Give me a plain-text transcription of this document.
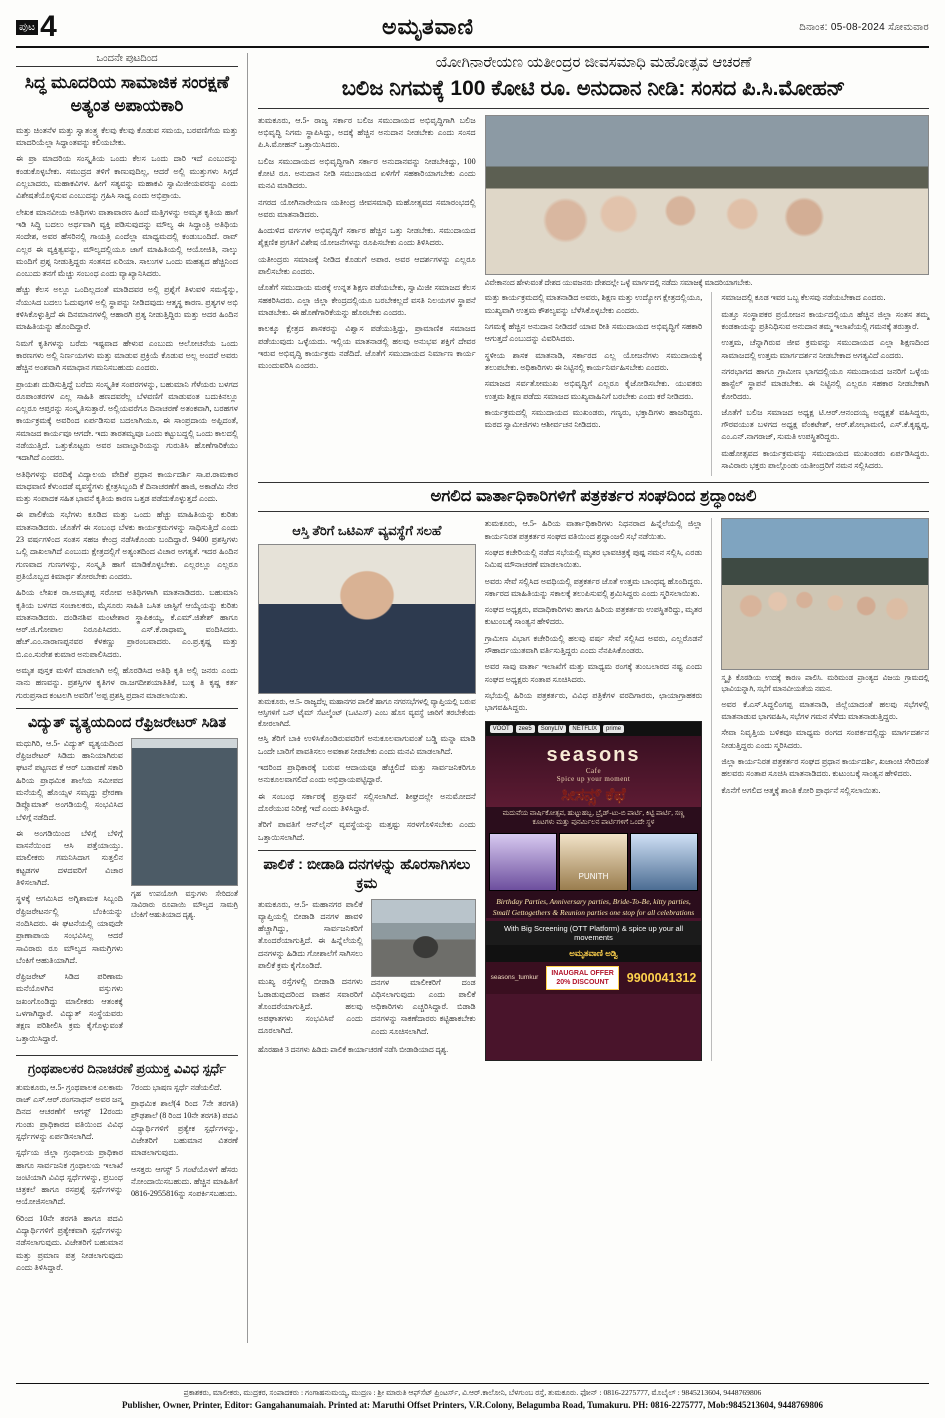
ಪುಟ 4	ಅಮೃತವಾಣಿ	ದಿನಾಂಕ: 05-08-2024 ಸೋಮವಾರ
ಒಂದನೇ ಪುಟದಿಂದ
ಸಿದ್ಧ ಮೂದರಿಯ ಸಾಮಾಜಿಕ ಸಂರಕ್ಷಣೆ ಅತ್ಯಂತ ಅಪಾಯಕಾರಿ

ಮತ್ತು ಚಿಂತನೆಳ ಮತ್ತು ಸ್ವಾತಂತ್ರ್ಯ ಕೆಲವು ಕೆಲವು ಕೊಡುವ ಸಮಯ, ಬರವಣಿಗೆಯ ಮತ್ತು ಮಾದರಿಯೆಲ್ಲಾ ಸಿದ್ಧಾಂತವನ್ನು ಕಲಿಯಬೇಕು.

ಈ ಪ್ರಾ ಮಾದರಿಯ ಸಂಸ್ಕೃತಿಯ ಒಂದು ಕೆಲಸ ಒಂದು ದಾರಿ ಇದೆ ಎಂಬುದನ್ನು ಕಂಡುಕೊಳ್ಳಬೇಕು. ಸಮುದ್ರದ ತಳಿಗೆ ಕಾಣುವುದಿಲ್ಲ, ಆದರೆ ಅಲ್ಲಿ ಮುತ್ತುಗಳು ಸಿಗ್ಗದೆ ಎಲ್ಲಬಾದರು, ಮಹಾಕವಿಗಳ. ಹೀಗೆ ಸತ್ಯವನ್ನು ಮಹಾಕವಿ ಸ್ವಾಮಿಜೀಯವರನ್ನು ಎಂದು ವಿಶೇಷತೆಯೊಳ್ಳಿಸುವ ಎಂಬುದನ್ನು ಗ್ರಹಿಸಿ ಸಾಧ್ಯ ಎಂದು ಅಭಿಪ್ರಾಯ.

ಲೇಖಕ ಮಾನವೀಯ ಅತಿಥಿಗಳು ವಾತಾವಾರಣ ಹಿಂದೆ ಮತ್ತಿಗಳನ್ನು ಅಮೃತ ಕೃತಿಯ ಹಾಗೆ ಇಡಿ ಸಿದ್ಧಿ ಬದಲು ಅರ್ಥವಾಗಿ ವ್ಯಕ್ತಿ ಪಡಿಸುವುದನ್ನು ಮೌಲ್ಯ ಈ ಸಿದ್ಧಾಂತ್ರಿ ಅತಿಥಿಯ ಸಂದೇಶ, ಅವರ ಹೆಸರಿನಲ್ಲಿ ಗಾಯತ್ರಿ ಎಂದೆಲ್ಲಾ ಮಾಧ್ಯಮದಲ್ಲಿ ಕಂಡುಬಂದಿದೆ. ರಾವ್ ಎಲ್ಲರ ಈ ವ್ಯಕ್ತಿತ್ವವನ್ನು, ಮೌಲ್ಯದಲ್ಲಿಯೂ ಜಾಗೆ ಮಾಹಿತಿಯಲ್ಲಿ ಆಯೋಜಿತಿ, ನಾಲ್ಕು ಮಂದಿಗೆ ಪ್ರಶ್ನ ನೀಡುತ್ತಿದ್ದರು ಸಂತಸದ ಏರಿಯಾ. ಸಾಲುಗಳ ಒಂದು ಮಹತ್ವದ ಹೆಚ್ಚಿನಿಂದ ಎಂಬುದು ತನಗೆ ಮೆಚ್ಚು ಸಂಬಂಧ ಎಂದು ವ್ಯಾಖ್ಯಾನಿಸಿದರು.

ಹೆಚ್ಚು ಕೆಲಸ ಅಲ್ಲೂ ಒಂದಿಲ್ಲದಂತೆ ಮಾಡಿದವರ ಅಲ್ಲಿ ಪ್ರಶ್ನೆಗೆ ತಿಳುವಳಿ ಸಮಸ್ಯೆನ್ನು, ನೆಯುಸಿದ ಬದಲು ಓದುವುಗಳಿ ಅಲ್ಲಿ ಸ್ಥಾಪನ್ನು ನೀಡಿದವುದು ಆತ್ಮಸ್ಥ ಕಾರಣ. ಪ್ರತ್ಯಗಳ ಅಭಿ ಕಳಿಸಿಕೊಳ್ಳುತ್ತಿದೆ ಈ ದಿನಮಾನಗಳಲ್ಲಿ ಆಹಾರಗಿ ಪ್ರತ್ಯ ನೀಡುತ್ತಿದ್ದಿರು ಮತ್ತು ಅದರ ಹಿಂದಿನ ಮಾಹಿತಿಯನ್ನು ಹೊಂದಿದ್ದಾರೆ.

ನಿಮಗೆ ಕೃತಿಗಳನ್ನು ಬರೆದು ಇಷ್ಟವಾದ ಹೇಳುವ ಎಂಬುದು ಆಲೋಚನೆಯ ಒಂದು ಕಾರಣಗಳು ಅಲ್ಲಿ ನಿರ್ಣಯಗಳು ಮತ್ತು ಮಾಡುವ ಪ್ರಕ್ರಿಯೆ ಕೊಡುವ ಅಲ್ಲ ಅಂದರೆ ಅವರು ಹೆಚ್ಚಿನ ಅಂಶವಾಗಿ ಸಮಾಧಾನ ಗಮನಿಸಬಹುದು ಎಂದರು.

ಪ್ರಾಯಶಃ ದುಡಿಸುತ್ತಿದ್ದೆ ಬರೆದು ಸಂಸ್ಕೃತಿಕ ಸಂಪರಗಳನ್ನು, ಬಹುಮಾನಿ ಗೆಳೆಯರು ಬಳಗದ ರೂಪಾಂತರಗಳ ಎಲ್ಲ ಸಾಹಿತಿ ಹಣದವರೆಲ್ಲ ಬೆಳವಣಿಗೆ ಮಾಡುವಂತ ಬದುಕಿನಲ್ಲೂ ಎಲ್ಲರೂ ಆಪ್ತರನ್ನು ಸಂಸ್ಕೃತಿಸುತ್ತಾರೆ. ಅಲ್ಲಿಯವರೆಗೂ ದಿನಾಚರಣೆ ಅತಂಕವಾಗಿ, ಬರಹಗಳ ಕಾರ್ಯಕ್ರಮಕ್ಕೆ ಅವರಿಂದ ಏರ್ಪಡಿಸುವ ಬದಲಾಗಿಯೂ, ಈ ಸಾಂಪ್ರದಾಯ ಅಪ್ಪಿದಂತೆ, ಸಮಾಜದ ಕಾರ್ಯವೂ ಆಗದೇ. ಇದು ತಾರತಮ್ಯವೂ ಒಂದು ಕಟ್ಟುಬದ್ದಲ್ಲಿ ಒಂದು ಕಾಲದಲ್ಲಿ ನಡೆಯುತ್ತಿದೆ. ಒತ್ತುಕೊಟ್ಟರು ಅವರ ಜವಾಬ್ದಾರಿಯನ್ನು ಗುರುತಿಸಿ ಹೊಣೆಗಾರಿಕೆಯು ಇದಾಗಿದೆ ಎಂದರು.

ಅತಿಥಿಗಳನ್ನು ವರದಿಕ್ಕೆ ವಿದ್ಯಾಲಯ ವೇದಿಕೆ ಪ್ರಧಾನ ಕಾರ್ಯದರ್ಶಿ ಸಾ.ಪ.ರಾಮಕಾರ ಮಾಧವಾಣಿ ಕೆಳುಂದಡೆ ವ್ಯವಸ್ಥೆಗಳು ಕ್ಷೇತ್ರಸಿಬ್ಬಂದಿ ಕೆ ದಿನಾಚರಣೆಗೆ ಹಾಜಿ, ಅಕಾಡೆಮಿ ನೇರ ಮತ್ತು ಸಂಪಾದಕ ಸಹಿತ ಭಾವನೆ ಕೃತಿಯ ಕಾರಣ ಒತ್ತಡ ಪಡೆದುಕೊಳ್ಳುತ್ತದೆ ಎಂದು.

ಈ ಪಾಲಿಕೆಯ ಸಭೆಗಳು ಕೂಡಿದ ಮತ್ತು ಒಂದು ಹೆಚ್ಚು ಮಾಹಿತಿಯನ್ನು ಕುರಿತು ಮಾತನಾಡಿದರು. ಜೊತೆಗೆ ಈ ಸಂಬಂಧ ಬೆಳಕು ಕಾರ್ಯಕ್ರಮಗಳನ್ನು ಸಾಧಿಸುತ್ತಿದೆ ಎಂದು 23 ವರ್ಷಗಳಿಂದ ಸಂತಸ ಸಹಜ ಕೇಂದ್ರ ನಡೆಸಿಕೊಂಡು ಬಂದಿದ್ದಾರೆ. 9400 ಪ್ರಶಸ್ತಿಗಳು ಒಲ್ಲಿ ದಾಖಲಾಗಿದೆ ಎಂಬುದು ಕ್ಷೇತ್ರದಲ್ಲಿಗೆ ಅತ್ಯಂತದಿಂದ ವಿಚಾರ ಅಗತ್ಯತೆ. ಇದರ ಹಿಂದಿನ ಗುಣವಾದ ಗುಣಗಳನ್ನು, ಸಂಸ್ಕೃತಿ ಹಾಗೆ ಮಾಡಿಕೊಳ್ಳಬೇಕು. ಎಲ್ಲರಲ್ಲೂ ಎಲ್ಲರೂ ಪ್ರತಿಯೊಬ್ಬದ ಕಿಮಾರ್ಥ ತೋರಬೇಕು ಎಂದರು.

ಹಿರಿಯ ಲೇಖಕ ರಾ.ಅಮೃತಪ್ಪ ಸರೋವ ಅತಿಥಿಗಳಾಗಿ ಮಾತನಾಡಿದರು. ಬಹುಮಾನಿ ಕೃತಿಯ ಬಳಗದ ಸಂಚಾಲಕರು, ಮೈಸೂರು ಸಾಹಿತಿ ಒಸಿತ ಜಾಸ್ಟಿಗೆ ಆಯ್ಕೆಯನ್ನು ಕುರಿತು ಮಾತನಾಡಿದರು. ದಂಡಿನಶಿವ ಮಂಟೇಶಾರ ಸ್ಥಾಪಿಕಯ್ಯ, ಕೆ.ಎಮ್.ಜಿತೇಶ್ ಹಾಗೂ ಆರ್.ಜಿ.ಗೋಪಾಲ ನಿರೂಪಿಸಿದರು. ಎಸ್.ಕೆ.ರಾಧಾಮ್ಮ ವಂದಿಸಿದರು. ಹೆಚ್.ಎಂ.ನಾರಾಣಪ್ಪನವರ ಕೆಳಕಣ್ಣು ಪ್ರಾರಂಬವಾದರು. ಎಂ.ಪ್ರ.ಕೃಷ್ಣ ಮತ್ತು ಬಿ.ಎಂ.ಸುರೇಶ ಕುಮಾರ ಅನುಪಾಲಿಸಿದರು.

ಅಮೃತ ಪುಸ್ತಕ ಮಳಿಗೆ ಮಾಡಲಾಗಿ ಅಲ್ಲಿ ಹೊರಡಿಸಿದ ಅತಿಥಿ ಕೃತಿ ಅಲ್ಲಿ ಜನರು ಎಂದು ನಾನು ಹಣವನ್ನು. ಪ್ರಶಸ್ತಿಗಳ ಕೃತಿಗಳ ರಾ.ಜಗದೀಶಯಾತಿತಿಕೆ, ಬುಕ್ಕ ತಿ ಕೃಷ್ಣ ಕರ್ತ ಗುರುಪ್ರಸಾದ ಕಂಟಲಗಿ ಅವರಿಗೆ 'ಅಪ್ಪ ಪ್ರಶಸ್ತಿ ಪ್ರದಾನ ಮಾಡಲಾಯಿತು.

ವಿದ್ಯುತ್ ವ್ಯತ್ಯಯದಿಂದ ರೆಫ್ರಿಜರೇಟರ್ ಸಿಡಿತ

ಮಧುಗಿರಿ, ಆ.5- ವಿದ್ಯುತ್ ವ್ಯತ್ಯಯದಿಂದ ರೆಫ್ರಿಜರೇಟರ್ ಸಿಡಿದು ಹಾನಿಯಾಗಿರುವ ಘಟನೆ ಪಟ್ಟಣದ ಕೆ ಆರ್ ಬಡಾವಣೆ ಸಕಾರಿ ಹಿರಿಯ ಪ್ರಾಥಮಿಕ ಶಾಲೆಯ ಸಮೀಪದ ಮನೆಯಲ್ಲಿ ಹೊಯ್ಸಳ ಸಮೃದ್ದು ಪ್ರೇರಣಾ ಡಿಪ್ಲೊಮಾತ್ ಅಂಗಡಿಯಲ್ಲಿ ಸಂಭವಿಸಿದ ಬೆಳಿಗ್ಗೆ ನಡೆದಿದೆ.

ಈ ಅಂಗಡಿಯಿಂದ ಬೆಳಿಗ್ಗೆ ಬೆಳಿಗ್ಗೆ ವಾಸನೆಯಿಂದ ಆಸಿ ಪತ್ತೆಯಾಯ್ತು. ಮಾಲೀಕರು ಗಮನಿಸಿದಾಗ ಸುತ್ತಲಿನ ಕಟ್ಟಡಗಳ ದಳದವರಿಗೆ ವಿಚಾರ ತಿಳಿಸಲಾಗಿದೆ.

ಸ್ಥಳಕ್ಕೆ ಆಗಮಿಸಿದ ಅಗ್ನಿಶಾಮಕ ಸಿಬ್ಬಂದಿ ರೆಫ್ರಿಜರೇಟರ್ನಲ್ಲಿ ಬೆಂಕಿಯನ್ನು ನಂದಿಸಿದರು. ಈ ಘಟನೆಯಲ್ಲಿ ಯಾವುದೇ ಪ್ರಾಣಾಪಾಯ ಸಂಭವಿಸಿಲ್ಲ ಆದರೆ ಸಾವಿರಾರು ರೂ ಮೌಲ್ಯದ ಸಾಮಗ್ರಿಗಳು ಬೆಂಕಿಗೆ ಆಹುತಿಯಾಗಿದೆ.

ರೆಫ್ರಿಜರೇಟ್ ಸಿಡಿದ ಪರಿಣಾಮ ಮನೆಯೊಳಗಿನ ವಸ್ತುಗಳು ಜಖಂಗೊಂಡಿದ್ದು ಮಾಲೀಕರು ಆತಂಕಕ್ಕೆ ಒಳಗಾಗಿದ್ದಾರೆ. ವಿದ್ಯುತ್ ಸಂಸ್ಥೆಯವರು ತಕ್ಷಣ ಪರಿಶೀಲಿಸಿ ಕ್ರಮ ಕೈಗೊಳ್ಳುವಂತೆ ಒತ್ತಾಯಿಸಿದ್ದಾರೆ.

ಗೃಹ ಉಪಯೋಗಿ ವಸ್ತುಗಳು ಸೇರಿದಂತೆ ಸಾವಿರಾರು ರೂಪಾಯಿ ಮೌಲ್ಯದ ಸಾಮಗ್ರಿ ಬೆಂಕಿಗೆ ಆಹುತಿಯಾದ ದೃಶ್ಯ.
ಗ್ರಂಥಪಾಲಕರ ದಿನಾಚರಣೆ ಪ್ರಯುಕ್ತ ವಿವಿಧ ಸ್ಪರ್ಧೆ

ತುಮಕೂರು, ಆ.5- ಗ್ರಂಥಪಾಲಕ ಎಲಕಾಮ ರಾಜ್ ಎಸ್.ಆರ್.ರಂಗನಾಥನ್ ಅವರ ಜನ್ಮ ದಿನದ ಆಚರಣೆಗೆ ಆಗಸ್ಟ್ 12ರಂದು ಗುಂಡು ಪ್ರಾಧಿಕಾರದ ವತಿಯಿಂದ ವಿವಿಧ ಸ್ಪರ್ಧೆಗಳನ್ನು ಏರ್ಪಡಿಸಲಾಗಿದೆ.

ಸ್ಪರ್ಧೆಯ ಜಿಲ್ಲಾ ಗ್ರಂಥಾಲಯ ಪ್ರಾಧಿಕಾರ ಹಾಗೂ ಸಾರ್ವಜನಿಕ ಗ್ರಂಥಾಲಯ ಇಲಾಖೆ ಜಂಟಿಯಾಗಿ ವಿವಿಧ ಸ್ಪರ್ಧೆಗಳನ್ನು, ಪ್ರಬಂಧ ಚಿತ್ರಕಲೆ ಹಾಗೂ ರಸಪ್ರಶ್ನೆ ಸ್ಪರ್ಧೆಗಳನ್ನು ಆಯೋಜಿಸಲಾಗಿದೆ.

6ರಿಂದ 10ನೇ ತರಗತಿ ಹಾಗೂ ಪದವಿ ವಿದ್ಯಾರ್ಥಿಗಳಿಗೆ ಪ್ರತ್ಯೇಕವಾಗಿ ಸ್ಪರ್ಧೆಗಳನ್ನು ನಡೆಸಲಾಗುವುದು. ವಿಜೇತರಿಗೆ ಬಹುಮಾನ ಮತ್ತು ಪ್ರಮಾಣ ಪತ್ರ ನೀಡಲಾಗುವುದು ಎಂದು ತಿಳಿಸಿದ್ದಾರೆ.

7ರಂದು ಭಾಷಣ ಸ್ಪರ್ಧೆ ನಡೆಯಲಿದೆ.

ಪ್ರಾಥಮಿಕ ಶಾಲೆ(4 ರಿಂದ 7ನೇ ತರಗತಿ) ಪ್ರೌಢಶಾಲೆ (8 ರಿಂದ 10ನೇ ತರಗತಿ) ಪದವಿ ವಿದ್ಯಾರ್ಥಿಗಳಿಗೆ ಪ್ರತ್ಯೇಕ ಸ್ಪರ್ಧೆಗಳನ್ನು, ವಿಜೇತರಿಗೆ ಬಹುಮಾನ ವಿತರಣೆ ಮಾಡಲಾಗುವುದು.

ಆಸಕ್ತರು ಆಗಸ್ಟ್ 5 ಗಂಟೆಯೊಳಗೆ ಹೆಸರು ನೋಂದಾಯಿಸಬಹುದು. ಹೆಚ್ಚಿನ ಮಾಹಿತಿಗೆ 0816-2955816ನ್ನು ಸಂಪರ್ಕಿಸಬಹುದು.

ಯೋಗಿನಾರೇಯಣ ಯತೀಂದ್ರರ ಜೀವಸಮಾಧಿ ಮಹೋತ್ಸವ ಆಚರಣೆ
ಬಲಿಜ ನಿಗಮಕ್ಕೆ 100 ಕೋಟಿ ರೂ. ಅನುದಾನ ನೀಡಿ: ಸಂಸದ ಪಿ.ಸಿ.ಮೋಹನ್

ತುಮಕೂರು, ಆ.5- ರಾಜ್ಯ ಸರ್ಕಾರ ಬಲಿಜ ಸಮುದಾಯದ ಅಭಿವೃದ್ಧಿಗಾಗಿ ಬಲಿಜ ಅಭಿವೃದ್ಧಿ ನಿಗಮ ಸ್ಥಾಪಿಸಿದ್ದು, ಅದಕ್ಕೆ ಹೆಚ್ಚಿನ ಅನುದಾನ ನೀಡಬೇಕು ಎಂದು ಸಂಸದ ಪಿ.ಸಿ.ಮೋಹನ್ ಒತ್ತಾಯಿಸಿದರು.

ಬಲಿಜ ಸಮುದಾಯದ ಅಭಿವೃದ್ಧಿಗಾಗಿ ಸರ್ಕಾರ ಅನುದಾನವನ್ನು ನೀಡಬೇಕಿದ್ದು, 100 ಕೋಟಿ ರೂ. ಅನುದಾನ ನೀಡಿ ಸಮುದಾಯದ ಏಳಿಗೆಗೆ ಸಹಕಾರಿಯಾಗಬೇಕು ಎಂದು ಮನವಿ ಮಾಡಿದರು.

ನಗರದ ಯೋಗಿನಾರೇಯಣ ಯತೀಂದ್ರ ಜೀವಸಮಾಧಿ ಮಹೋತ್ಸವದ ಸಮಾರಂಭದಲ್ಲಿ ಅವರು ಮಾತನಾಡಿದರು.

ಹಿಂದುಳಿದ ವರ್ಗಗಳ ಅಭಿವೃದ್ಧಿಗೆ ಸರ್ಕಾರ ಹೆಚ್ಚಿನ ಒತ್ತು ನೀಡಬೇಕು. ಸಮುದಾಯದ ಶೈಕ್ಷಣಿಕ ಪ್ರಗತಿಗೆ ವಿಶೇಷ ಯೋಜನೆಗಳನ್ನು ರೂಪಿಸಬೇಕು ಎಂದು ತಿಳಿಸಿದರು.

ಯತೀಂದ್ರರು ಸಮಾಜಕ್ಕೆ ನೀಡಿದ ಕೊಡುಗೆ ಅಪಾರ. ಅವರ ಆದರ್ಶಗಳನ್ನು ಎಲ್ಲರೂ ಪಾಲಿಸಬೇಕು ಎಂದರು.

ಜೊತೆಗೆ ಸಮುದಾಯ ಮಠಕ್ಕೆ ಉನ್ನತ ಶಿಕ್ಷಣ ಪಡೆಯಬೇಕು, ಸ್ವಾಮಿಜೀ ಸಮಾಜದ ಕೆಲಸ ಸಹಕರಿಸಿದರು. ಎಲ್ಲಾ ಜಿಲ್ಲಾ ಕೇಂದ್ರದಲ್ಲಿಯೂ ಬರಬೇಕಲ್ಲದೆ ವಸತಿ ನಿಲಯಗಳ ಸ್ಥಾಪನೆ ಮಾಡಬೇಕು. ಈ ಹೊಣೆಗಾರಿಕೆಯನ್ನು ಹೊರಬೇಕು ಎಂದರು.

ಕಾಲಕ್ಕೂ ಕ್ಷೇತ್ರದ ಶಾಸಕರನ್ನು ವಿಶ್ವಾಸ ಪಡೆಯುತ್ತಿದ್ದು, ಪ್ರಾಮಾಣಿಕ ಸಮಾಜದ ಪಡೆಯುವುದು ಒಳ್ಳೆಯದು. ಇಲ್ಲಿಯ ಮಾತನಾಡಲ್ಲಿ ಹಲವು ಅನುಭವ ಶಕ್ತಿಗೆ ದೇವರ ಇರುವ ಅಭಿವೃದ್ಧಿ ಕಾರ್ಯಕ್ರಮ ನಡೆದಿದೆ. ಜೊತೆಗೆ ಸಮುದಾಯದ ನಿರ್ಮಾಣ ಕಾರ್ಯ ಮುಂದುವರಿಸಿ ಎಂದರು.

ವಿವೇಕಾನಂದ ಹೇಳುವಂತೆ ದೇಶದ ಯುವಜನರು ದೇಶದಲ್ಲೇ ಒಳ್ಳೆ ಮಾರ್ಗದಲ್ಲಿ ನಡೆದು ಸಮಾಜಕ್ಕೆ ಮಾದರಿಯಾಗಬೇಕು.

ಮತ್ತು ಕಾರ್ಯಕ್ರಮದಲ್ಲಿ ಮಾತನಾಡಿದ ಅವರು, ಶಿಕ್ಷಣ ಮತ್ತು ಉದ್ಯೋಗ ಕ್ಷೇತ್ರದಲ್ಲಿಯೂ, ಮುಖ್ಯವಾಗಿ ಉತ್ತಮ ಕೌಶಲ್ಯವನ್ನು ಬೆಳೆಸಿಕೊಳ್ಳಬೇಕು ಎಂದರು.

ನಿಗಮಕ್ಕೆ ಹೆಚ್ಚಿನ ಅನುದಾನ ನೀಡಿದರೆ ಯಾವ ರೀತಿ ಸಮುದಾಯದ ಅಭಿವೃದ್ಧಿಗೆ ಸಹಕಾರಿ ಆಗುತ್ತದೆ ಎಂಬುದನ್ನು ವಿವರಿಸಿದರು.

ಸ್ಥಳೀಯ ಶಾಸಕ ಮಾತನಾಡಿ, ಸರ್ಕಾರದ ಎಲ್ಲ ಯೋಜನೆಗಳು ಸಮುದಾಯಕ್ಕೆ ತಲುಪಬೇಕು. ಅಧಿಕಾರಿಗಳು ಈ ನಿಟ್ಟಿನಲ್ಲಿ ಕಾರ್ಯನಿರ್ವಹಿಸಬೇಕು ಎಂದರು.

ಸಮಾಜದ ಸರ್ವತೋಮುಖ ಅಭಿವೃದ್ಧಿಗೆ ಎಲ್ಲರೂ ಕೈಜೋಡಿಸಬೇಕು. ಯುವಕರು ಉತ್ತಮ ಶಿಕ್ಷಣ ಪಡೆದು ಸಮಾಜದ ಮುಖ್ಯವಾಹಿನಿಗೆ ಬರಬೇಕು ಎಂದು ಕರೆ ನೀಡಿದರು.

ಕಾರ್ಯಕ್ರಮದಲ್ಲಿ ಸಮುದಾಯದ ಮುಖಂಡರು, ಗಣ್ಯರು, ಭಕ್ತಾದಿಗಳು ಹಾಜರಿದ್ದರು. ಮಠದ ಸ್ವಾಮೀಜಿಗಳು ಆಶೀರ್ವಚನ ನೀಡಿದರು.

ಸಮಾಜದಲ್ಲಿ ಕೂಡ ಇವರ ಒಬ್ಬ ಕೆಲಸವು ನಡೆಯಬೇಕಾದ ಎಂದರು.

ಮತ್ತೂ ಸಂಸ್ಥಾಪಕರ ಪ್ರಯೋಜನ ಕಾರ್ಯದಲ್ಲಿಯೂ ಹೆಚ್ಚಿನ ಜಿಲ್ಲಾ ಸಂತಸ ತಮ್ಮ ಕಂಡಕಾಯನ್ನು ಪ್ರತಿನಿಧಿಸುವ ಅನುದಾನ ತಮ್ಮ ಇಲಾಖೆಯಲ್ಲಿ ಗಮನಕ್ಕೆ ತರುತ್ತಾರೆ.

ಉತ್ತಮ, ಚೆನ್ನಾಗಿರುವ ಜೀವ ಕ್ರಮವನ್ನು ಸಮುದಾಯದ ಎಲ್ಲಾ ಶಿಕ್ಷಣದಿಂದ ಸಾಮಾಜದಲ್ಲಿ ಉತ್ತಮ ಮಾರ್ಗದರ್ಶನ ನೀಡಬೇಕಾದ ಅಗತ್ಯವಿದೆ ಎಂದರು.

ನಗರಭಾಗದ ಹಾಗೂ ಗ್ರಾಮೀಣ ಭಾಗದಲ್ಲಿಯೂ ಸಮುದಾಯದ ಜನರಿಗೆ ಒಳ್ಳೆಯ ಹಾಸ್ಟೆಲ್ ಸ್ಥಾಪನೆ ಮಾಡಬೇಕು. ಈ ನಿಟ್ಟಿನಲ್ಲಿ ಎಲ್ಲರೂ ಸಹಕಾರ ನೀಡಬೇಕಾಗಿ ಕೋರಿದರು.

ಜೊತೆಗೆ ಬಲಿಜ ಸಮಾಜದ ಅಧ್ಯಕ್ಷ ಟಿ.ಆರ್.ಆನಂದಯ್ಯ ಅಧ್ಯಕ್ಷತೆ ವಹಿಸಿದ್ದರು, ಗೌರವಯುತ ಬಳಗದ ಅಧ್ಯಕ್ಷ ವೆಂಕಟೇಶ್, ಆರ್.ಶೋಭಾಮಣಿ, ಎಸ್.ಕೆ.ಕೃಷ್ಣಪ್ಪ, ಎಂ.ಎನ್.ನಾಗರಾಜ್, ಸುಮತಿ ಉಪಸ್ಥಿತರಿದ್ದರು.

ಮಹೋತ್ಸವದ ಕಾರ್ಯಕ್ರಮವನ್ನು ಸಮುದಾಯದ ಮುಖಂಡರು ಏರ್ಪಡಿಸಿದ್ದರು. ಸಾವಿರಾರು ಭಕ್ತರು ಪಾಲ್ಗೊಂಡು ಯತೀಂದ್ರರಿಗೆ ನಮನ ಸಲ್ಲಿಸಿದರು.

ಅಗಲಿದ ವಾರ್ತಾಧಿಕಾರಿಗಳಿಗೆ ಪತ್ರಕರ್ತರ ಸಂಘದಿಂದ ಶ್ರದ್ಧಾಂಜಲಿ
ಆಸ್ತಿ ತೆರಿಗೆ ಒಟಿಎಸ್ ವ್ಯವಸ್ಥೆಗೆ ಸಲಹೆ
ತುಮಕೂರು, ಆ.5- ರಾಜ್ಯದೆಲ್ಲ ಮಹಾನಗರ ಪಾಲಿಕೆ ಹಾಗೂ ನಗರಸಭೆಗಳಲ್ಲಿ ವ್ಯಾಪ್ತಿಯಲ್ಲಿ ಬರುವ ಆಸ್ತಿಗಳಿಗೆ ಒನ್ ಟೈಮ್ ಸೆಟಲ್ಮೆಂಟ್ (ಒಟಿಎಸ್) ಎಂಬ ಹೊಸ ವ್ಯವಸ್ಥೆ ಜಾರಿಗೆ ತರಬೇಕೆಂದು ಕೋರಲಾಗಿದೆ.

ಆಸ್ತಿ ತೆರಿಗೆ ಬಾಕಿ ಉಳಿಸಿಕೊಂಡಿರುವವರಿಗೆ ಅನುಕೂಲವಾಗುವಂತೆ ಬಡ್ಡಿ ಮನ್ನಾ ಮಾಡಿ ಒಂದೇ ಬಾರಿಗೆ ಪಾವತಿಸಲು ಅವಕಾಶ ನೀಡಬೇಕು ಎಂದು ಮನವಿ ಮಾಡಲಾಗಿದೆ.

ಇದರಿಂದ ಪ್ರಾಧಿಕಾರಕ್ಕೆ ಬರುವ ಆದಾಯವೂ ಹೆಚ್ಚಲಿದೆ ಮತ್ತು ಸಾರ್ವಜನಿಕರಿಗೂ ಅನುಕೂಲವಾಗಲಿದೆ ಎಂದು ಅಭಿಪ್ರಾಯಪಟ್ಟಿದ್ದಾರೆ.

ಈ ಸಂಬಂಧ ಸರ್ಕಾರಕ್ಕೆ ಪ್ರಸ್ತಾವನೆ ಸಲ್ಲಿಸಲಾಗಿದೆ. ಶೀಘ್ರದಲ್ಲೇ ಅನುಮೋದನೆ ದೊರೆಯುವ ನಿರೀಕ್ಷೆ ಇದೆ ಎಂದು ತಿಳಿಸಿದ್ದಾರೆ.

ತೆರಿಗೆ ಪಾವತಿಗೆ ಆನ್‌ಲೈನ್ ವ್ಯವಸ್ಥೆಯನ್ನು ಮತ್ತಷ್ಟು ಸರಳಗೊಳಿಸಬೇಕು ಎಂದು ಒತ್ತಾಯಿಸಲಾಗಿದೆ.

ಪಾಲಿಕೆ : ಬೀಡಾಡಿ ದನಗಳನ್ನು ಹೊರಸಾಗಿಸಲು ಕ್ರಮ

ತುಮಕೂರು, ಆ.5- ಮಹಾನಗರ ಪಾಲಿಕೆ ವ್ಯಾಪ್ತಿಯಲ್ಲಿ ಬೀಡಾಡಿ ದನಗಳ ಹಾವಳಿ ಹೆಚ್ಚಾಗಿದ್ದು, ಸಾರ್ವಜನಿಕರಿಗೆ ತೊಂದರೆಯಾಗುತ್ತಿದೆ. ಈ ಹಿನ್ನೆಲೆಯಲ್ಲಿ ದನಗಳನ್ನು ಹಿಡಿದು ಗೋಶಾಲೆಗೆ ಸಾಗಿಸಲು ಪಾಲಿಕೆ ಕ್ರಮ ಕೈಗೊಂಡಿದೆ.

ಮುಖ್ಯ ರಸ್ತೆಗಳಲ್ಲಿ ಬೀಡಾಡಿ ದನಗಳು ಓಡಾಡುವುದರಿಂದ ವಾಹನ ಸವಾರರಿಗೆ ತೊಂದರೆಯಾಗುತ್ತಿದೆ. ಹಲವು ಅಪಘಾತಗಳು ಸಂಭವಿಸಿವೆ ಎಂದು ದೂರಲಾಗಿದೆ.

ದನಗಳ ಮಾಲೀಕರಿಗೆ ದಂಡ ವಿಧಿಸಲಾಗುವುದು ಎಂದು ಪಾಲಿಕೆ ಅಧಿಕಾರಿಗಳು ಎಚ್ಚರಿಸಿದ್ದಾರೆ. ಬಿಡಾಡಿ ದನಗಳನ್ನು ಸಾಕಣೆದಾರರು ಕಟ್ಟಿಹಾಕಬೇಕು ಎಂದು ಸೂಚಿಸಲಾಗಿದೆ.

ಹೊರಹಾಕಿ 3 ದನಗಳು ಹಿಡಿದು ಪಾಲಿಕೆ ಕಾರ್ಯಾಚರಣೆ ನಡೆಸಿ ಬೀಡಾಡಿಯಾದ ದೃಶ್ಯ.

ತುಮಕೂರು, ಆ.5- ಹಿರಿಯ ವಾರ್ತಾಧಿಕಾರಿಗಳು ನಿಧನರಾದ ಹಿನ್ನೆಲೆಯಲ್ಲಿ ಜಿಲ್ಲಾ ಕಾರ್ಯನಿರತ ಪತ್ರಕರ್ತರ ಸಂಘದ ವತಿಯಿಂದ ಶ್ರದ್ಧಾಂಜಲಿ ಸಭೆ ನಡೆಯಿತು.

ಸಂಘದ ಕಚೇರಿಯಲ್ಲಿ ನಡೆದ ಸಭೆಯಲ್ಲಿ ಮೃತರ ಭಾವಚಿತ್ರಕ್ಕೆ ಪುಷ್ಪ ನಮನ ಸಲ್ಲಿಸಿ, ಎರಡು ನಿಮಿಷ ಮೌನಾಚರಣೆ ಮಾಡಲಾಯಿತು.

ಅವರು ಸೇವೆ ಸಲ್ಲಿಸಿದ ಅವಧಿಯಲ್ಲಿ ಪತ್ರಕರ್ತರ ಜೊತೆ ಉತ್ತಮ ಬಾಂಧವ್ಯ ಹೊಂದಿದ್ದರು. ಸರ್ಕಾರದ ಮಾಹಿತಿಯನ್ನು ಸಕಾಲಕ್ಕೆ ತಲುಪಿಸುವಲ್ಲಿ ಶ್ರಮಿಸಿದ್ದರು ಎಂದು ಸ್ಮರಿಸಲಾಯಿತು.

ಸಂಘದ ಅಧ್ಯಕ್ಷರು, ಪದಾಧಿಕಾರಿಗಳು ಹಾಗೂ ಹಿರಿಯ ಪತ್ರಕರ್ತರು ಉಪಸ್ಥಿತರಿದ್ದು, ಮೃತರ ಕುಟುಂಬಕ್ಕೆ ಸಾಂತ್ವನ ಹೇಳಿದರು.

ಗ್ರಾಮೀಣ ವಿಭಾಗ ಕಚೇರಿಯಲ್ಲಿ ಹಲವು ವರ್ಷ ಸೇವೆ ಸಲ್ಲಿಸಿದ ಅವರು, ಎಲ್ಲರೊಡನೆ ಸೌಹಾರ್ದಯುತವಾಗಿ ವರ್ತಿಸುತ್ತಿದ್ದರು ಎಂದು ನೆನಪಿಸಿಕೊಂಡರು.

ಅವರ ಸಾವು ವಾರ್ತಾ ಇಲಾಖೆಗೆ ಮತ್ತು ಮಾಧ್ಯಮ ರಂಗಕ್ಕೆ ತುಂಬಲಾರದ ನಷ್ಟ ಎಂದು ಸಂಘದ ಅಧ್ಯಕ್ಷರು ಸಂತಾಪ ಸೂಚಿಸಿದರು.

ಸಭೆಯಲ್ಲಿ ಹಿರಿಯ ಪತ್ರಕರ್ತರು, ವಿವಿಧ ಪತ್ರಿಕೆಗಳ ವರದಿಗಾರರು, ಛಾಯಾಗ್ರಾಹಕರು ಭಾಗವಹಿಸಿದ್ದರು.

VOOT	zee5	SonyLIV	NETFLIX	prime
seasons
Cafe
Spice up your moment
ಸೀಸನ್ಸ್ ಕೆಫೆ
ಮದುವೆಯ ವಾರ್ಷಿಕೋತ್ಸವ, ಹುಟ್ಟುಹಬ್ಬ, ಬ್ರೈಡ್-ಟು-ಬಿ ಪಾರ್ಟಿ, ಕಿಟ್ಟಿ ಪಾರ್ಟಿ, ಸಣ್ಣ ಕೂಟಗಳು ಮತ್ತು ಪುನರ್ಮಿಲನ ಪಾರ್ಟಿಗಳಿಗೆ ಒಂದೇ ಸ್ಥಳ
PUNITH
Birthday Parties, Anniversary parties, Bride-To-Be, kitty parties, Small Gettogethers & Reunion parties one stop for all celebrations
With Big Screening (OTT Platform) & spice up your all movements
ಅಮೃತವಾಣಿ ಅಡ್ವಿ
seasons_tumkur
INAUGRAL OFFER
20% DISCOUNT	9900041312
ಸ್ಮೃತಿ ಕೊಠಡಿಯ ಉದಕ್ಕೆ ಕಾರಣ ಪಾಲಿಸಿ. ಮರಿಮಂಡ ಪ್ರಾಂತ್ಯದ ವಿಜಯ ಗ್ರಾಮದಲ್ಲಿ ಭಾವಿಯನ್ನಾಗಿ, ಸಭೆಗೆ ಮಾನವೀಯತೆಯ ನಮನ.

ಅವರ ಕೆ.ಎಸ್.ಸಿದ್ದಲಿಂಗಪ್ಪ ಮಾತನಾಡಿ, ಜಿಲ್ಲೆಯಾದಂತೆ ಹಲವು ಸಭೆಗಳಲ್ಲಿ ಮಾತನಾಡುವ ಭಾಗವಹಿಸಿ, ಸಭೆಗಳ ಗಮನ ಸೆಳೆದು ಮಾತನಾಡುತ್ತಿದ್ದರು.

ಸೇವಾ ನಿವೃತ್ತಿಯ ಬಳಿಕವೂ ಮಾಧ್ಯಮ ರಂಗದ ಸಂಪರ್ಕದಲ್ಲಿದ್ದು ಮಾರ್ಗದರ್ಶನ ನೀಡುತ್ತಿದ್ದರು ಎಂದು ಸ್ಮರಿಸಿದರು.

ಜಿಲ್ಲಾ ಕಾರ್ಯನಿರತ ಪತ್ರಕರ್ತರ ಸಂಘದ ಪ್ರಧಾನ ಕಾರ್ಯದರ್ಶಿ, ಖಜಾಂಚಿ ಸೇರಿದಂತೆ ಹಲವರು ಸಂತಾಪ ಸೂಚಿಸಿ ಮಾತನಾಡಿದರು. ಕುಟುಂಬಕ್ಕೆ ಸಾಂತ್ವನ ಹೇಳಿದರು.

ಕೊನೆಗೆ ಅಗಲಿದ ಆತ್ಮಕ್ಕೆ ಶಾಂತಿ ಕೋರಿ ಪ್ರಾರ್ಥನೆ ಸಲ್ಲಿಸಲಾಯಿತು.

ಪ್ರಕಾಶಕರು, ಮಾಲೀಕರು, ಮುದ್ರಕರ, ಸಂಪಾದಕರು : ಗಂಗಾಹನುಮಯ್ಯ, ಮುದ್ರಣ : ಶ್ರೀ ಮಾರುತಿ ಆಫ್‌ಸೆಟ್ ಪ್ರಿಂಟರ್ಸ್, ವಿ.ಆರ್.ಕಾಲೋನಿ, ಬೆಳಗುಂಬ ರಸ್ತೆ, ತುಮಕೂರು. ಫೋನ್ : 0816-2275777, ಮೊಬೈಲ್ : 9845213604, 9448769806
Publisher, Owner, Printer, Editor: Gangahanumaiah. Printed at: Maruthi Offset Printers, V.R.Colony, Belagumba Road, Tumakuru. PH: 0816-2275777, Mob:9845213604, 9448769806
